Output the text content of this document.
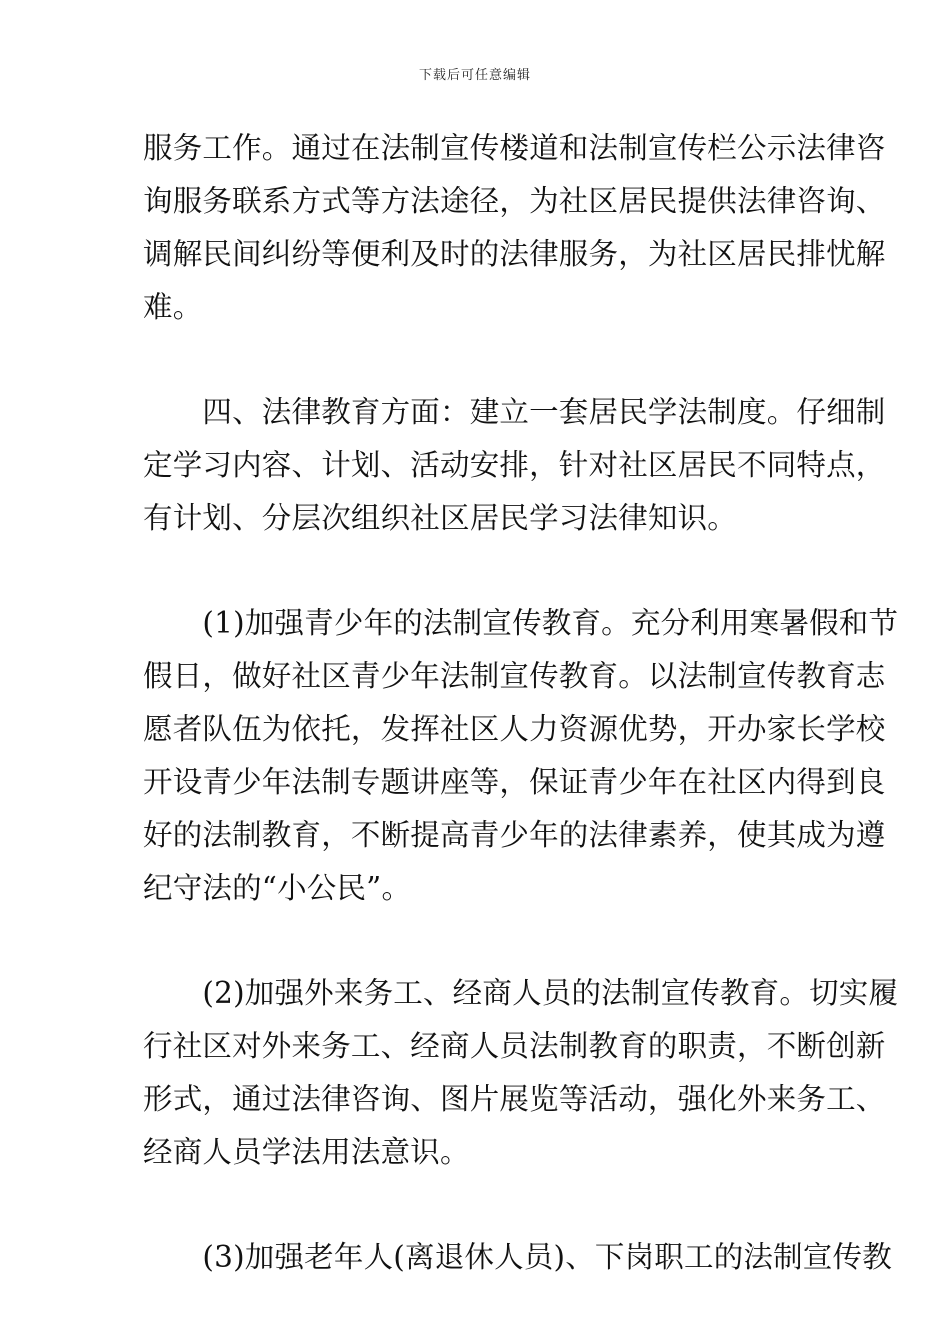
下载后可任意编辑
服务工作。通过在法制宣传楼道和法制宣传栏公示法律咨
询服务联系方式等方法途径，为社区居民提供法律咨询、
调解民间纠纷等便利及时的法律服务，为社区居民排忧解
难。
　　四、法律教育方面：建立一套居民学法制度。仔细制
定学习内容、计划、活动安排，针对社区居民不同特点，
有计划、分层次组织社区居民学习法律知识。
　　(1)加强青少年的法制宣传教育。充分利用寒暑假和节
假日，做好社区青少年法制宣传教育。以法制宣传教育志
愿者队伍为依托，发挥社区人力资源优势，开办家长学校
开设青少年法制专题讲座等，保证青少年在社区内得到良
好的法制教育，不断提高青少年的法律素养，使其成为遵
纪守法的“小公民”。
　　(2)加强外来务工、经商人员的法制宣传教育。切实履
行社区对外来务工、经商人员法制教育的职责，不断创新
形式，通过法律咨询、图片展览等活动，强化外来务工、
经商人员学法用法意识。
　　(3)加强老年人(离退休人员)、下岗职工的法制宣传教
